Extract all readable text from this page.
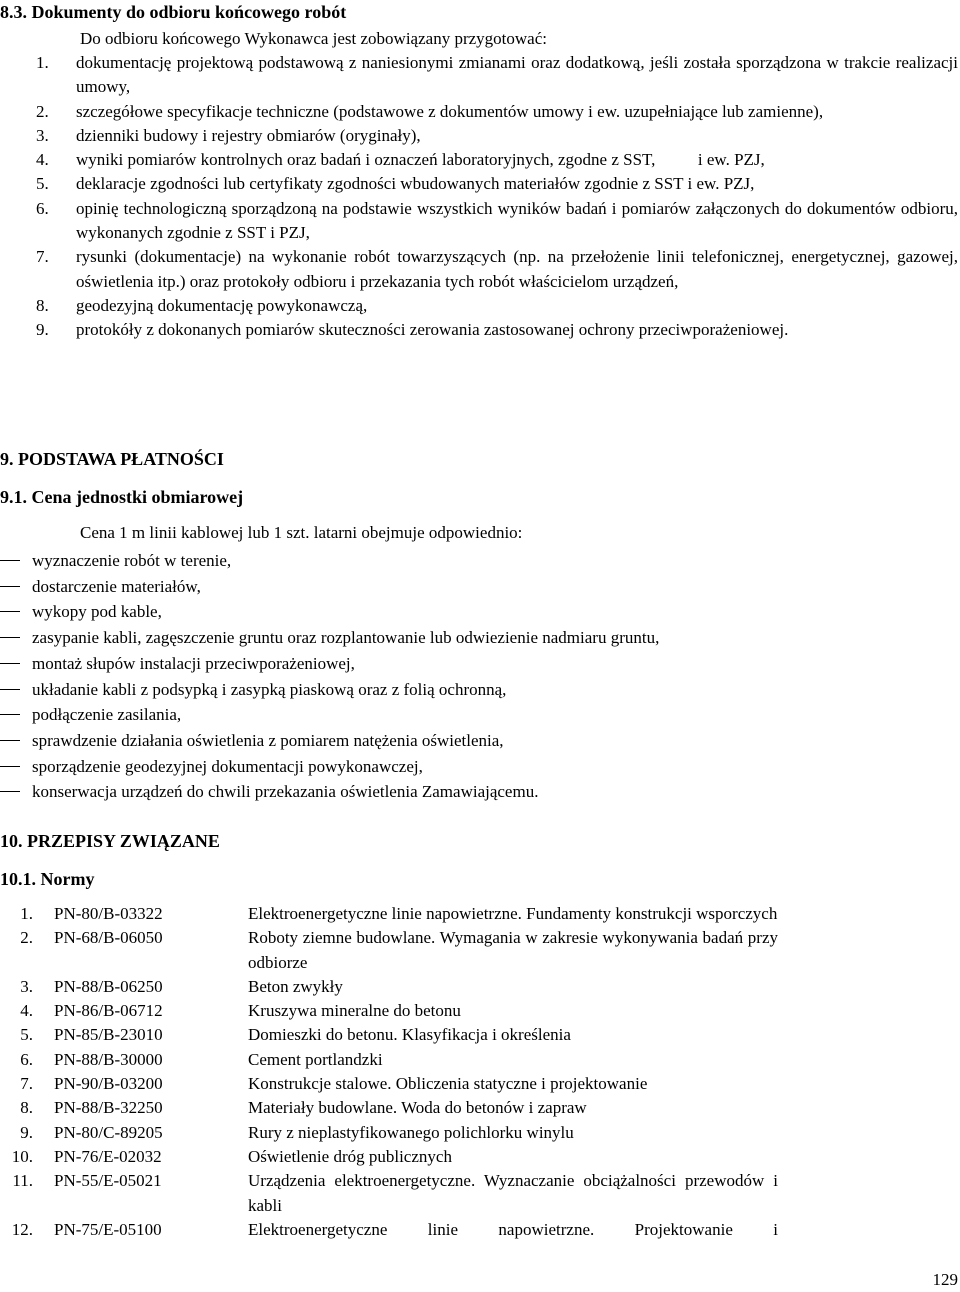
8.3. Dokumenty do odbioru końcowego robót
Do odbioru końcowego Wykonawca jest zobowiązany przygotować:
1. dokumentację projektową podstawową z naniesionymi zmianami oraz dodatkową, jeśli została sporządzona w trakcie realizacji umowy,
2. szczegółowe specyfikacje techniczne (podstawowe z dokumentów umowy i ew. uzupełniające lub zamienne),
3. dzienniki budowy i rejestry obmiarów (oryginały),
4. wyniki pomiarów kontrolnych oraz badań i oznaczeń laboratoryjnych, zgodne z SST,          i ew. PZJ,
5. deklaracje zgodności lub certyfikaty zgodności wbudowanych materiałów zgodnie z SST i ew. PZJ,
6. opinię technologiczną sporządzoną na podstawie wszystkich wyników badań i pomiarów załączonych do dokumentów odbioru, wykonanych zgodnie z SST i PZJ,
7. rysunki (dokumentacje) na wykonanie robót towarzyszących (np. na przełożenie linii telefonicznej, energetycznej, gazowej, oświetlenia itp.) oraz protokoły odbioru i przekazania tych robót właścicielom urządzeń,
8. geodezyjną dokumentację powykonawczą,
9. protokóły z dokonanych pomiarów skuteczności zerowania zastosowanej ochrony przeciwporażeniowej.
9. PODSTAWA PŁATNOŚCI
9.1. Cena jednostki obmiarowej
Cena 1 m linii kablowej lub 1 szt. latarni obejmuje odpowiednio:
wyznaczenie robót w terenie,
dostarczenie materiałów,
wykopy pod kable,
zasypanie kabli, zagęszczenie gruntu oraz rozplantowanie lub odwiezienie nadmiaru gruntu,
montaż słupów instalacji przeciwporażeniowej,
układanie kabli z podsypką i zasypką piaskową oraz z folią ochronną,
podłączenie zasilania,
sprawdzenie działania oświetlenia z pomiarem natężenia oświetlenia,
sporządzenie geodezyjnej dokumentacji powykonawczej,
konserwacja urządzeń do chwili przekazania oświetlenia Zamawiającemu.
10. PRZEPISY ZWIĄZANE
10.1. Normy
1. PN-80/B-03322	Elektroenergetyczne linie napowietrzne. Fundamenty konstrukcji wsporczych
2. PN-68/B-06050	Roboty ziemne budowlane. Wymagania w zakresie wykonywania badań przy odbiorze
3. PN-88/B-06250	Beton zwykły
4. PN-86/B-06712	Kruszywa mineralne do betonu
5. PN-85/B-23010	Domieszki do betonu. Klasyfikacja i określenia
6. PN-88/B-30000	Cement portlandzki
7. PN-90/B-03200	Konstrukcje stalowe. Obliczenia statyczne i projektowanie
8. PN-88/B-32250	Materiały budowlane. Woda do betonów i zapraw
9. PN-80/C-89205	Rury z nieplastyfikowanego polichlorku winylu
10. PN-76/E-02032	Oświetlenie dróg publicznych
11. PN-55/E-05021	Urządzenia elektroenergetyczne. Wyznaczanie obciążalności przewodów i kabli
12. PN-75/E-05100	Elektroenergetyczne linie napowietrzne. Projektowanie i
129
